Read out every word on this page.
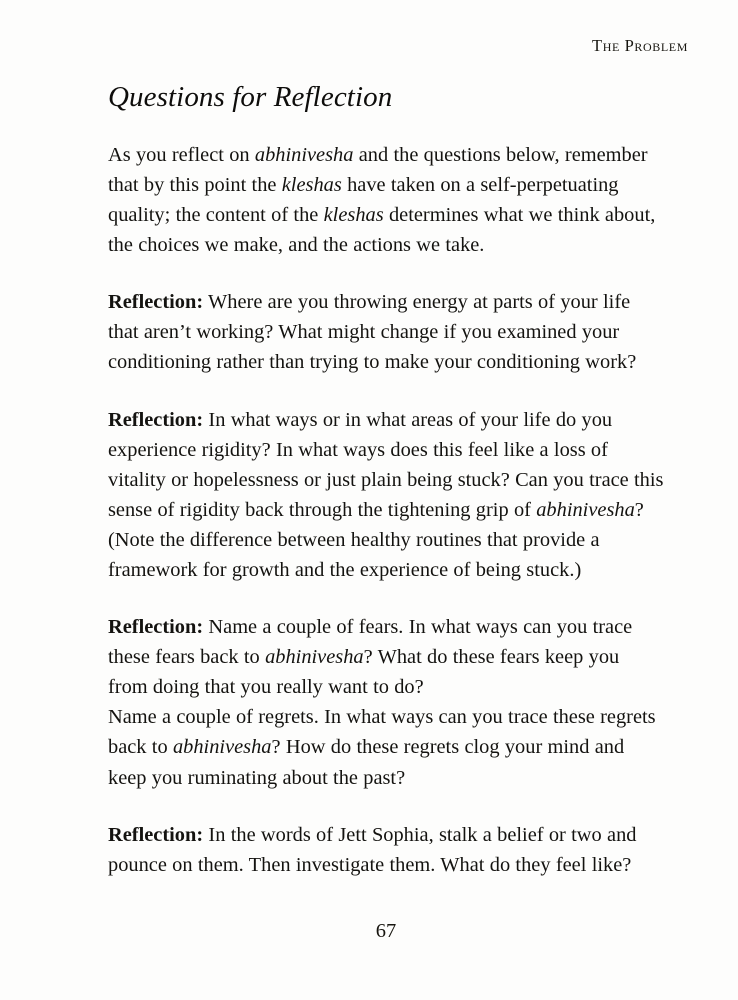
The Problem
Questions for Reflection

As you reflect on abhinivesha and the questions below, remember that by this point the kleshas have taken on a self-perpetuating quality; the content of the kleshas determines what we think about, the choices we make, and the actions we take.

Reflection: Where are you throwing energy at parts of your life that aren’t working? What might change if you examined your conditioning rather than trying to make your conditioning work?

Reflection: In what ways or in what areas of your life do you experience rigidity? In what ways does this feel like a loss of vitality or hopelessness or just plain being stuck? Can you trace this sense of rigidity back through the tightening grip of abhinivesha? (Note the difference between healthy routines that provide a framework for growth and the experience of being stuck.)

Reflection: Name a couple of fears. In what ways can you trace these fears back to abhinivesha? What do these fears keep you from doing that you really want to do?
Name a couple of regrets. In what ways can you trace these regrets back to abhinivesha? How do these regrets clog your mind and keep you ruminating about the past?

Reflection: In the words of Jett Sophia, stalk a belief or two and pounce on them. Then investigate them. What do they feel like?

67
